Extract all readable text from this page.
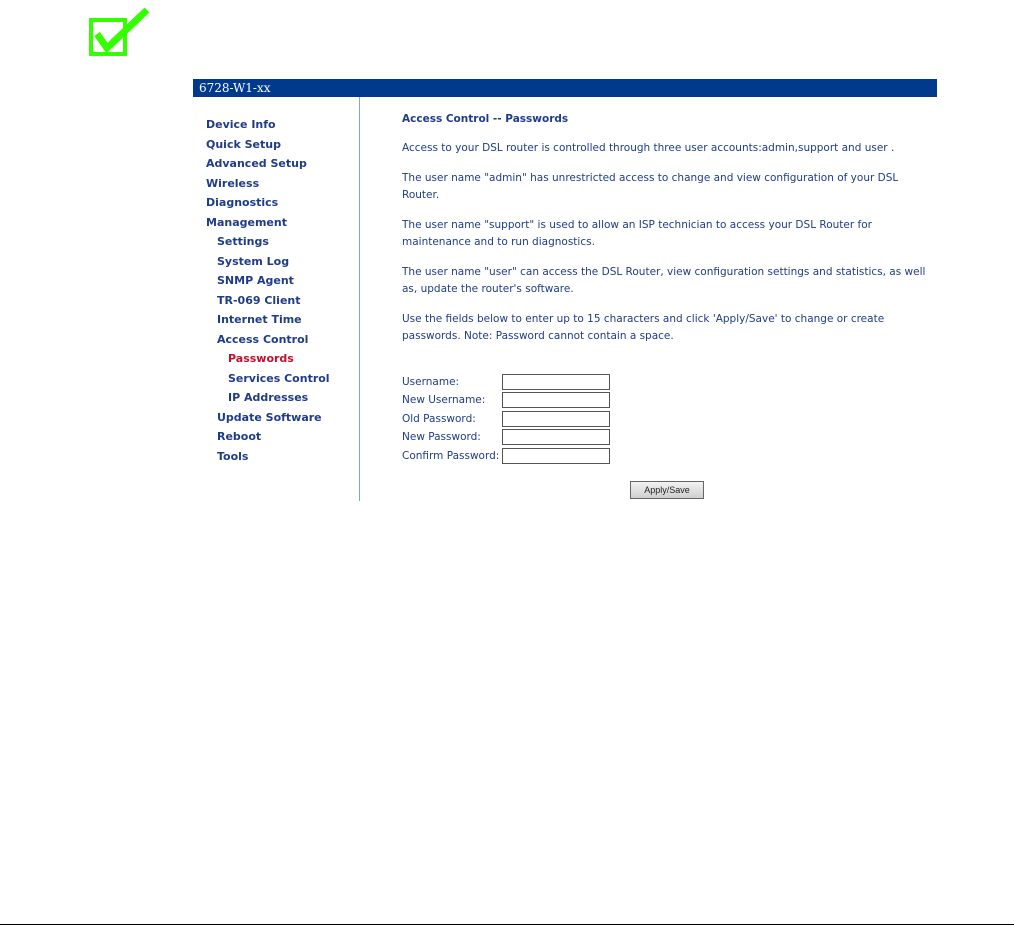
6728-W1-xx
Device Info
Quick Setup
Advanced Setup
Wireless
Diagnostics
Management
Settings
System Log
SNMP Agent
TR-069 Client
Internet Time
Access Control
Passwords
Services Control
IP Addresses
Update Software
Reboot
Tools
Access Control -- Passwords

Access to your DSL router is controlled through three user accounts:admin,support and user .

The user name "admin" has unrestricted access to change and view configuration of your DSL Router.

The user name "support" is used to allow an ISP technician to access your DSL Router for maintenance and to run diagnostics.

The user name "user" can access the DSL Router, view configuration settings and statistics, as well as, update the router's software.

Use the fields below to enter up to 15 characters and click 'Apply/Save' to change or create passwords. Note: Password cannot contain a space.

Username:
New Username:
Old Password:
New Password:
Confirm Password:
Apply/Save
